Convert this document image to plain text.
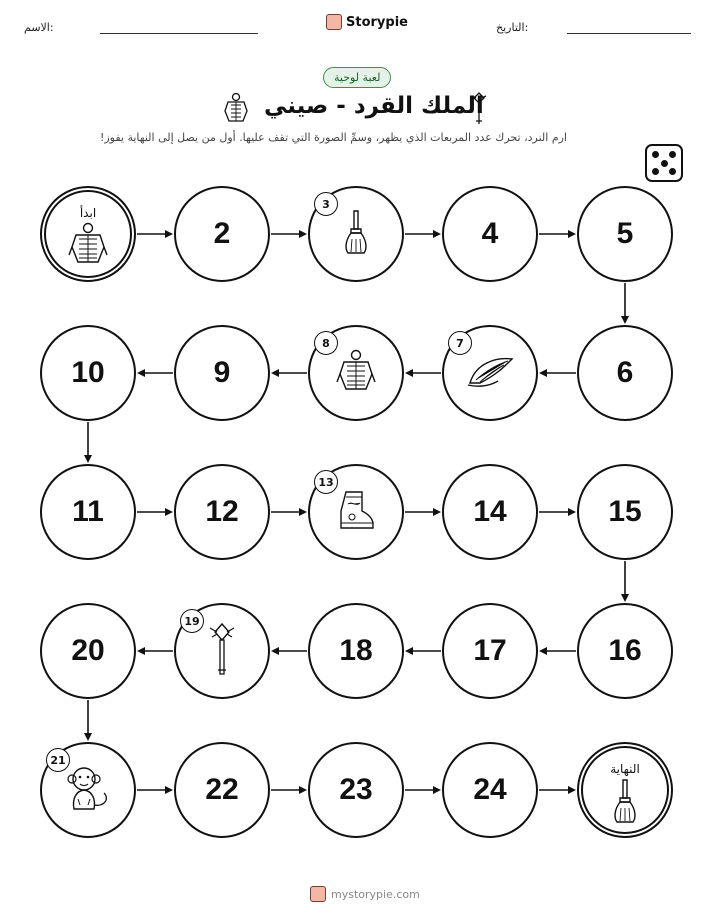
الاسم:	Storypie	التاريخ:
لعبة لوحية
الملك القرد - صيني
ارم النرد، تحرك عدد المربعات الذي يظهر، وسمِّ الصورة التي تقف عليها. أول من يصل إلى النهاية يفوز!
ابدأ
2
3
4	5
6
7
8
9
10
11	12
13
14	15
16
17
18
19
20
21
22	23	24
النهاية
mystorypie.com
